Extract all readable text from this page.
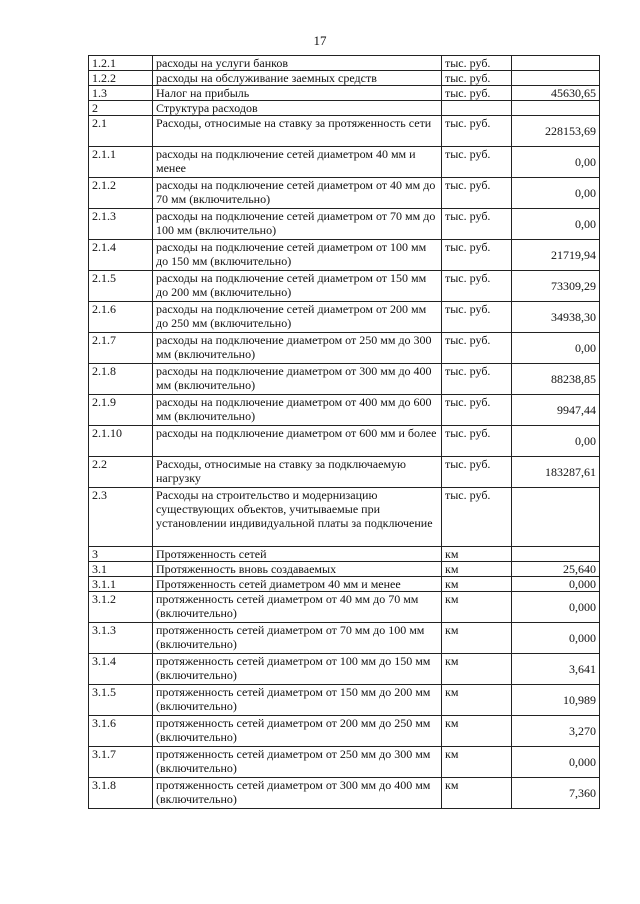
17
1.2.1	расходы на услуги банков	тыс. руб.	
1.2.2	расходы на обслуживание заемных средств	тыс. руб.	
1.3	Налог на прибыль	тыс. руб.	45630,65
2	Структура расходов		
2.1	Расходы, относимые на ставку за протяженность сети	тыс. руб.	228153,69
2.1.1	расходы на подключение сетей диаметром 40 мм и менее	тыс. руб.	0,00
2.1.2	расходы на подключение сетей диаметром от 40 мм до 70 мм (включительно)	тыс. руб.	0,00
2.1.3	расходы на подключение сетей диаметром от 70 мм до 100 мм (включительно)	тыс. руб.	0,00
2.1.4	расходы на подключение сетей диаметром от 100 мм до 150 мм (включительно)	тыс. руб.	21719,94
2.1.5	расходы на подключение сетей диаметром от 150 мм до 200 мм (включительно)	тыс. руб.	73309,29
2.1.6	расходы на подключение сетей диаметром от 200 мм до 250 мм (включительно)	тыс. руб.	34938,30
2.1.7	расходы на подключение диаметром от 250 мм до 300 мм (включительно)	тыс. руб.	0,00
2.1.8	расходы на подключение диаметром от 300 мм до 400 мм (включительно)	тыс. руб.	88238,85
2.1.9	расходы на подключение диаметром от 400 мм до 600 мм (включительно)	тыс. руб.	9947,44
2.1.10	расходы на подключение диаметром от 600 мм и более	тыс. руб.	0,00
2.2	Расходы, относимые на ставку за подключаемую нагрузку	тыс. руб.	183287,61
2.3	Расходы на строительство и модернизацию существующих объектов, учитываемые при установлении индивидуальной платы за подключение	тыс. руб.	
3	Протяженность сетей	км	
3.1	Протяженность вновь создаваемых	км	25,640
3.1.1	Протяженность сетей диаметром 40 мм и менее	км	0,000
3.1.2	протяженность сетей диаметром от 40 мм до 70 мм (включительно)	км	0,000
3.1.3	протяженность сетей диаметром от 70 мм до 100 мм (включительно)	км	0,000
3.1.4	протяженность сетей диаметром от 100 мм до 150 мм (включительно)	км	3,641
3.1.5	протяженность сетей диаметром от 150 мм до 200 мм (включительно)	км	10,989
3.1.6	протяженность сетей диаметром от 200 мм до 250 мм (включительно)	км	3,270
3.1.7	протяженность сетей диаметром от 250 мм до 300 мм (включительно)	км	0,000
3.1.8	протяженность сетей диаметром от 300 мм до 400 мм (включительно)	км	7,360
